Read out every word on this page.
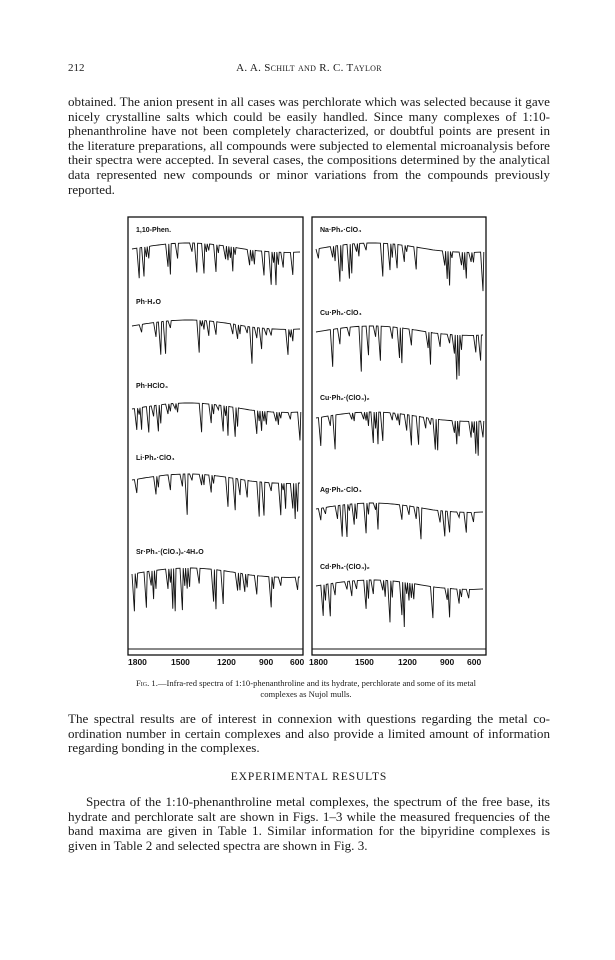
212	A. A. Schilt and R. C. Taylor
obtained. The anion present in all cases was perchlorate which was selected because it gave nicely crystalline salts which could be easily handled. Since many complexes of 1:10-phenanthroline have not been completely characterized, or doubtful points are present in the literature preparations, all compounds were subjected to elemental microanalysis before their spectra were accepted. In several cases, the compositions determined by the analytical data represented new compounds or minor variations from the compounds previously reported.
1,10-Phen.
Ph·H₂O
Ph·HClO₄
Li·Ph₂·ClO₄
Sr·Ph₄·(ClO₄)₂·4H₂O
Na·Ph₂·ClO₄
Cu·Ph₂·ClO₄
Cu·Ph₂·(ClO₄)₂
Ag·Ph₂·ClO₄
Cd·Ph₃·(ClO₄)₂
1800	1500	1200	900 600 1800	1500	1200	900 600
Fig. 1.—Infra-red spectra of 1:10-phenanthroline and its hydrate, perchlorate and some of its metal complexes as Nujol mulls.
The spectral results are of interest in connexion with questions regarding the metal co-ordination number in certain complexes and also provide a limited amount of information regarding bonding in the complexes.
EXPERIMENTAL RESULTS
Spectra of the 1:10-phenanthroline metal complexes, the spectrum of the free base, its hydrate and perchlorate salt are shown in Figs. 1–3 while the measured frequencies of the band maxima are given in Table 1. Similar information for the bipyridine complexes is given in Table 2 and selected spectra are shown in Fig. 3.
